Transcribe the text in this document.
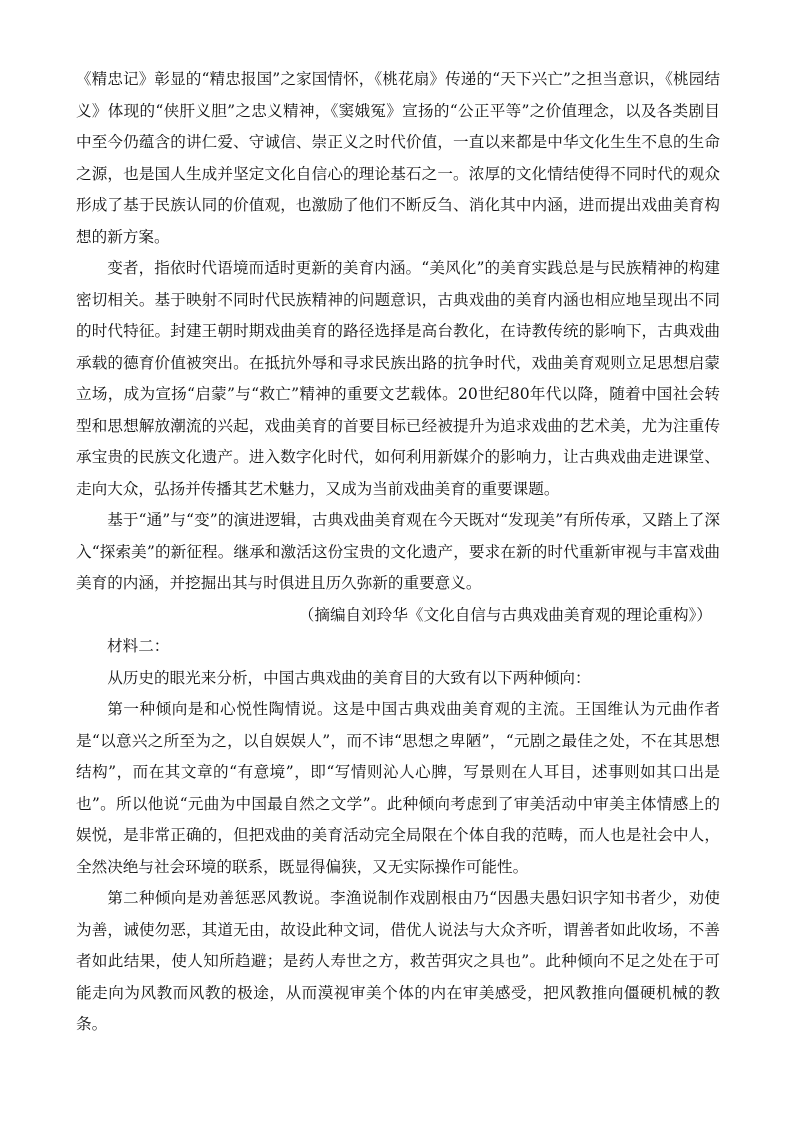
《精忠记》彰显的“精忠报国”之家国情怀，《桃花扇》传递的“天下兴亡”之担当意识，《桃园结义》体现的“侠肝义胆”之忠义精神，《窦娥冤》宣扬的“公正平等”之价值理念，以及各类剧目中至今仍蕴含的讲仁爱、守诚信、崇正义之时代价值，一直以来都是中华文化生生不息的生命之源，也是国人生成并坚定文化自信心的理论基石之一。浓厚的文化情结使得不同时代的观众形成了基于民族认同的价值观，也激励了他们不断反刍、消化其中内涵，进而提出戏曲美育构想的新方案。

变者，指依时代语境而适时更新的美育内涵。“美风化”的美育实践总是与民族精神的构建密切相关。基于映射不同时代民族精神的问题意识，古典戏曲的美育内涵也相应地呈现出不同的时代特征。封建王朝时期戏曲美育的路径选择是高台教化，在诗教传统的影响下，古典戏曲承载的德育价值被突出。在抵抗外辱和寻求民族出路的抗争时代，戏曲美育观则立足思想启蒙立场，成为宣扬“启蒙”与“救亡”精神的重要文艺载体。20世纪80年代以降，随着中国社会转型和思想解放潮流的兴起，戏曲美育的首要目标已经被提升为追求戏曲的艺术美，尤为注重传承宝贵的民族文化遗产。进入数字化时代，如何利用新媒介的影响力，让古典戏曲走进课堂、走向大众，弘扬并传播其艺术魅力，又成为当前戏曲美育的重要课题。

基于“通”与“变”的演进逻辑，古典戏曲美育观在今天既对“发现美”有所传承，又踏上了深入“探索美”的新征程。继承和激活这份宝贵的文化遗产，要求在新的时代重新审视与丰富戏曲美育的内涵，并挖掘出其与时俱进且历久弥新的重要意义。

（摘编自刘玲华《文化自信与古典戏曲美育观的理论重构》）

材料二：

从历史的眼光来分析，中国古典戏曲的美育目的大致有以下两种倾向：

第一种倾向是和心悦性陶情说。这是中国古典戏曲美育观的主流。王国维认为元曲作者是“以意兴之所至为之，以自娱娱人”，而不讳“思想之卑陋”，“元剧之最佳之处，不在其思想结构”，而在其文章的“有意境”，即“写情则沁人心脾，写景则在人耳目，述事则如其口出是也”。所以他说“元曲为中国最自然之文学”。此种倾向考虑到了审美活动中审美主体情感上的娱悦，是非常正确的，但把戏曲的美育活动完全局限在个体自我的范畴，而人也是社会中人，全然决绝与社会环境的联系，既显得偏狭，又无实际操作可能性。

第二种倾向是劝善惩恶风教说。李渔说制作戏剧根由乃“因愚夫愚妇识字知书者少，劝使为善，诫使勿恶，其道无由，故设此种文词，借优人说法与大众齐听，谓善者如此收场，不善者如此结果，使人知所趋避；是药人寿世之方，救苦弭灾之具也”。此种倾向不足之处在于可能走向为风教而风教的极途，从而漠视审美个体的内在审美感受，把风教推向僵硬机械的教条。
